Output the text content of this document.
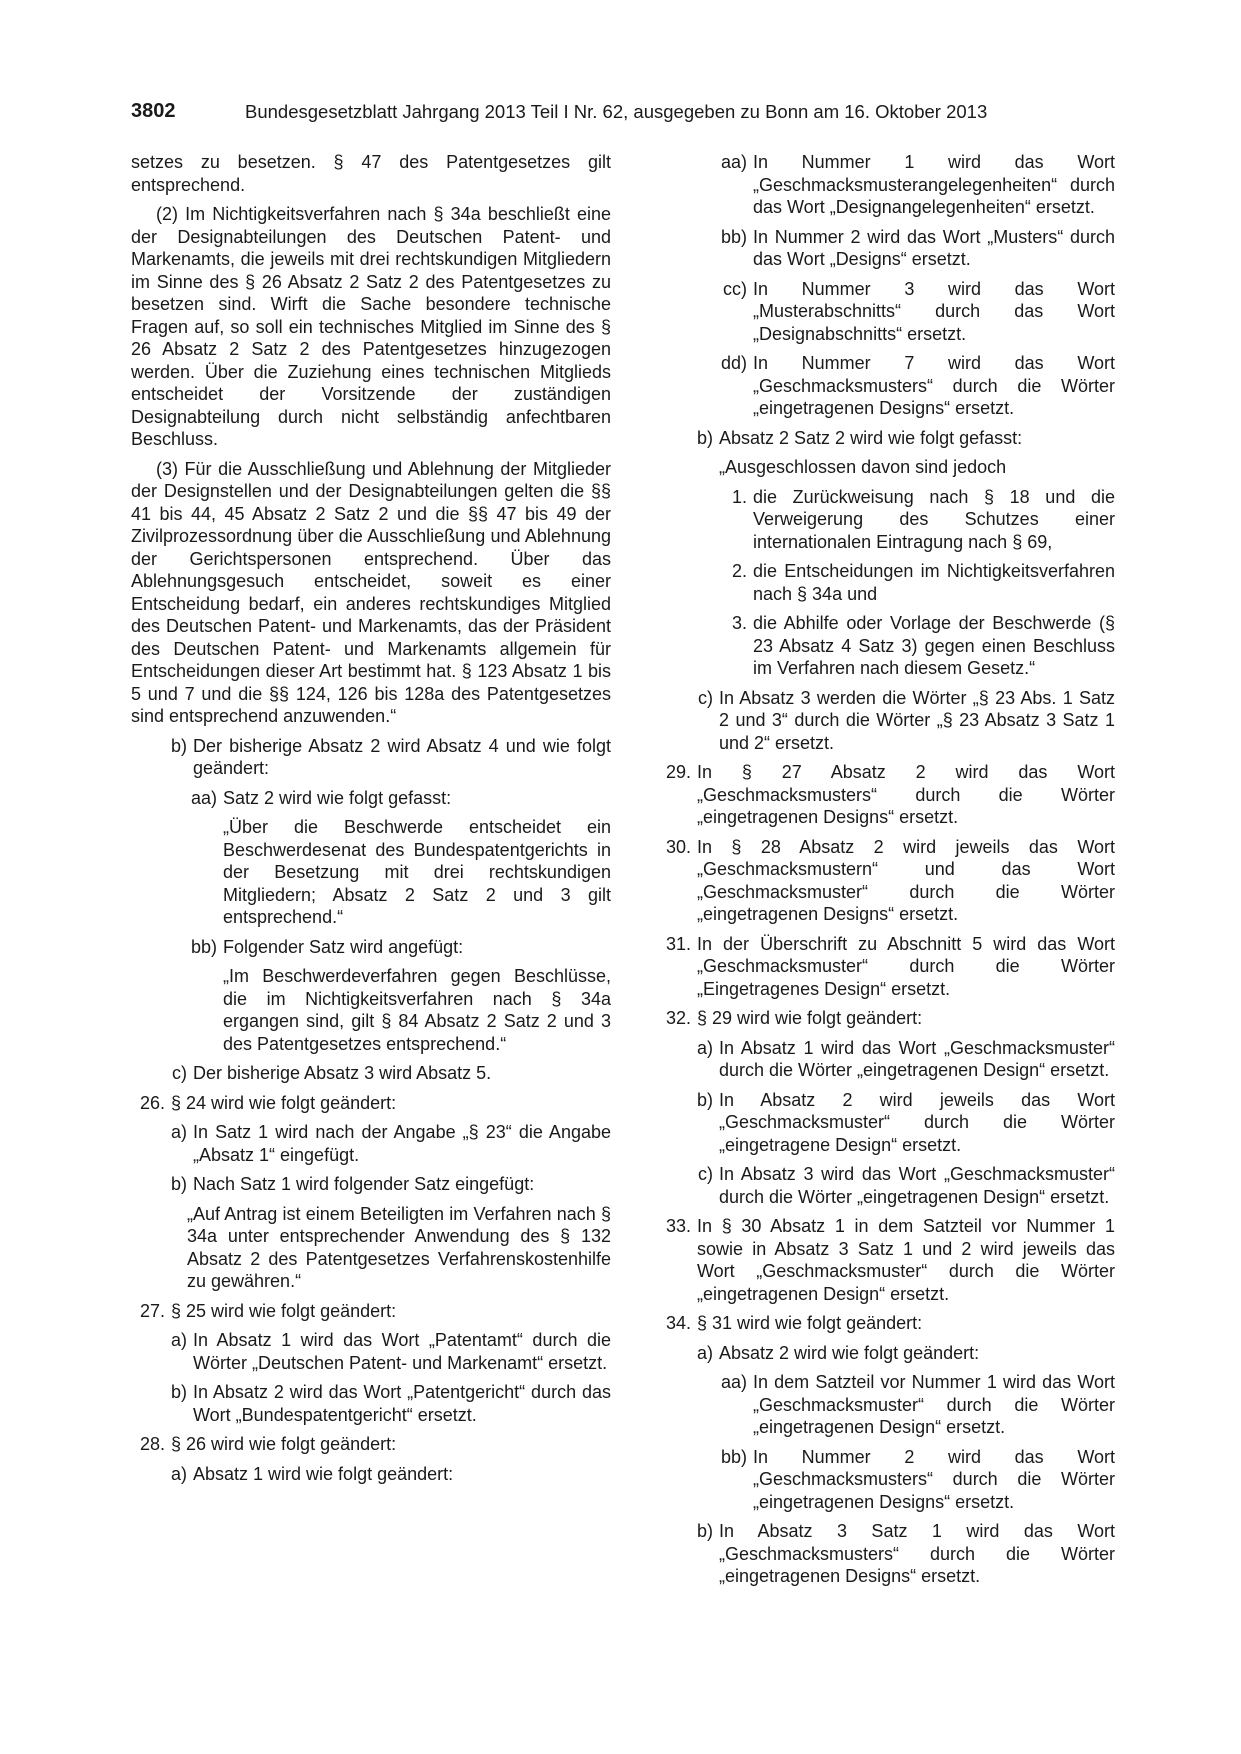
3802	Bundesgesetzblatt Jahrgang 2013 Teil I Nr. 62, ausgegeben zu Bonn am 16. Oktober 2013

setzes zu besetzen. § 47 des Patentgesetzes gilt entsprechend.

(2) Im Nichtigkeitsverfahren nach § 34a beschließt eine der Designabteilungen des Deutschen Patent- und Markenamts, die jeweils mit drei rechtskundigen Mitgliedern im Sinne des § 26 Absatz 2 Satz 2 des Patentgesetzes zu besetzen sind. Wirft die Sache besondere technische Fragen auf, so soll ein technisches Mitglied im Sinne des § 26 Absatz 2 Satz 2 des Patentgesetzes hinzugezogen werden. Über die Zuziehung eines technischen Mitglieds entscheidet der Vorsitzende der zuständigen Designabteilung durch nicht selbständig anfechtbaren Beschluss.

(3) Für die Ausschließung und Ablehnung der Mitglieder der Designstellen und der Designabteilungen gelten die §§ 41 bis 44, 45 Absatz 2 Satz 2 und die §§ 47 bis 49 der Zivilprozessordnung über die Ausschließung und Ablehnung der Gerichtspersonen entsprechend. Über das Ablehnungsgesuch entscheidet, soweit es einer Entscheidung bedarf, ein anderes rechtskundiges Mitglied des Deutschen Patent- und Markenamts, das der Präsident des Deutschen Patent- und Markenamts allgemein für Entscheidungen dieser Art bestimmt hat. § 123 Absatz 1 bis 5 und 7 und die §§ 124, 126 bis 128a des Patentgesetzes sind entsprechend anzuwenden.“

b) Der bisherige Absatz 2 wird Absatz 4 und wie folgt geändert:
aa) Satz 2 wird wie folgt gefasst:

„Über die Beschwerde entscheidet ein Beschwerdesenat des Bundespatentgerichts in der Besetzung mit drei rechtskundigen Mitgliedern; Absatz 2 Satz 2 und 3 gilt entsprechend.“

bb) Folgender Satz wird angefügt:

„Im Beschwerdeverfahren gegen Beschlüsse, die im Nichtigkeitsverfahren nach § 34a ergangen sind, gilt § 84 Absatz 2 Satz 2 und 3 des Patentgesetzes entsprechend.“

c) Der bisherige Absatz 3 wird Absatz 5.
26. § 24 wird wie folgt geändert:
a) In Satz 1 wird nach der Angabe „§ 23“ die Angabe „Absatz 1“ eingefügt.
b) Nach Satz 1 wird folgender Satz eingefügt:

„Auf Antrag ist einem Beteiligten im Verfahren nach § 34a unter entsprechender Anwendung des § 132 Absatz 2 des Patentgesetzes Verfahrenskostenhilfe zu gewähren.“

27. § 25 wird wie folgt geändert:
a) In Absatz 1 wird das Wort „Patentamt“ durch die Wörter „Deutschen Patent- und Markenamt“ ersetzt.
b) In Absatz 2 wird das Wort „Patentgericht“ durch das Wort „Bundespatentgericht“ ersetzt.
28. § 26 wird wie folgt geändert:
a) Absatz 1 wird wie folgt geändert:
aa) In Nummer 1 wird das Wort „Geschmacksmusterangelegenheiten“ durch das Wort „Designangelegenheiten“ ersetzt.
bb) In Nummer 2 wird das Wort „Musters“ durch das Wort „Designs“ ersetzt.
cc) In Nummer 3 wird das Wort „Musterabschnitts“ durch das Wort „Designabschnitts“ ersetzt.
dd) In Nummer 7 wird das Wort „Geschmacksmusters“ durch die Wörter „eingetragenen Designs“ ersetzt.
b) Absatz 2 Satz 2 wird wie folgt gefasst:

„Ausgeschlossen davon sind jedoch

1. die Zurückweisung nach § 18 und die Verweigerung des Schutzes einer internationalen Eintragung nach § 69,
2. die Entscheidungen im Nichtigkeitsverfahren nach § 34a und
3. die Abhilfe oder Vorlage der Beschwerde (§ 23 Absatz 4 Satz 3) gegen einen Beschluss im Verfahren nach diesem Gesetz.“
c) In Absatz 3 werden die Wörter „§ 23 Abs. 1 Satz 2 und 3“ durch die Wörter „§ 23 Absatz 3 Satz 1 und 2“ ersetzt.
29. In § 27 Absatz 2 wird das Wort „Geschmacksmusters“ durch die Wörter „eingetragenen Designs“ ersetzt.
30. In § 28 Absatz 2 wird jeweils das Wort „Geschmacksmustern“ und das Wort „Geschmacksmuster“ durch die Wörter „eingetragenen Designs“ ersetzt.
31. In der Überschrift zu Abschnitt 5 wird das Wort „Geschmacksmuster“ durch die Wörter „Eingetragenes Design“ ersetzt.
32. § 29 wird wie folgt geändert:
a) In Absatz 1 wird das Wort „Geschmacksmuster“ durch die Wörter „eingetragenen Design“ ersetzt.
b) In Absatz 2 wird jeweils das Wort „Geschmacksmuster“ durch die Wörter „eingetragene Design“ ersetzt.
c) In Absatz 3 wird das Wort „Geschmacksmuster“ durch die Wörter „eingetragenen Design“ ersetzt.
33. In § 30 Absatz 1 in dem Satzteil vor Nummer 1 sowie in Absatz 3 Satz 1 und 2 wird jeweils das Wort „Geschmacksmuster“ durch die Wörter „eingetragenen Design“ ersetzt.
34. § 31 wird wie folgt geändert:
a) Absatz 2 wird wie folgt geändert:
aa) In dem Satzteil vor Nummer 1 wird das Wort „Geschmacksmuster“ durch die Wörter „eingetragenen Design“ ersetzt.
bb) In Nummer 2 wird das Wort „Geschmacksmusters“ durch die Wörter „eingetragenen Designs“ ersetzt.
b) In Absatz 3 Satz 1 wird das Wort „Geschmacksmusters“ durch die Wörter „eingetragenen Designs“ ersetzt.
